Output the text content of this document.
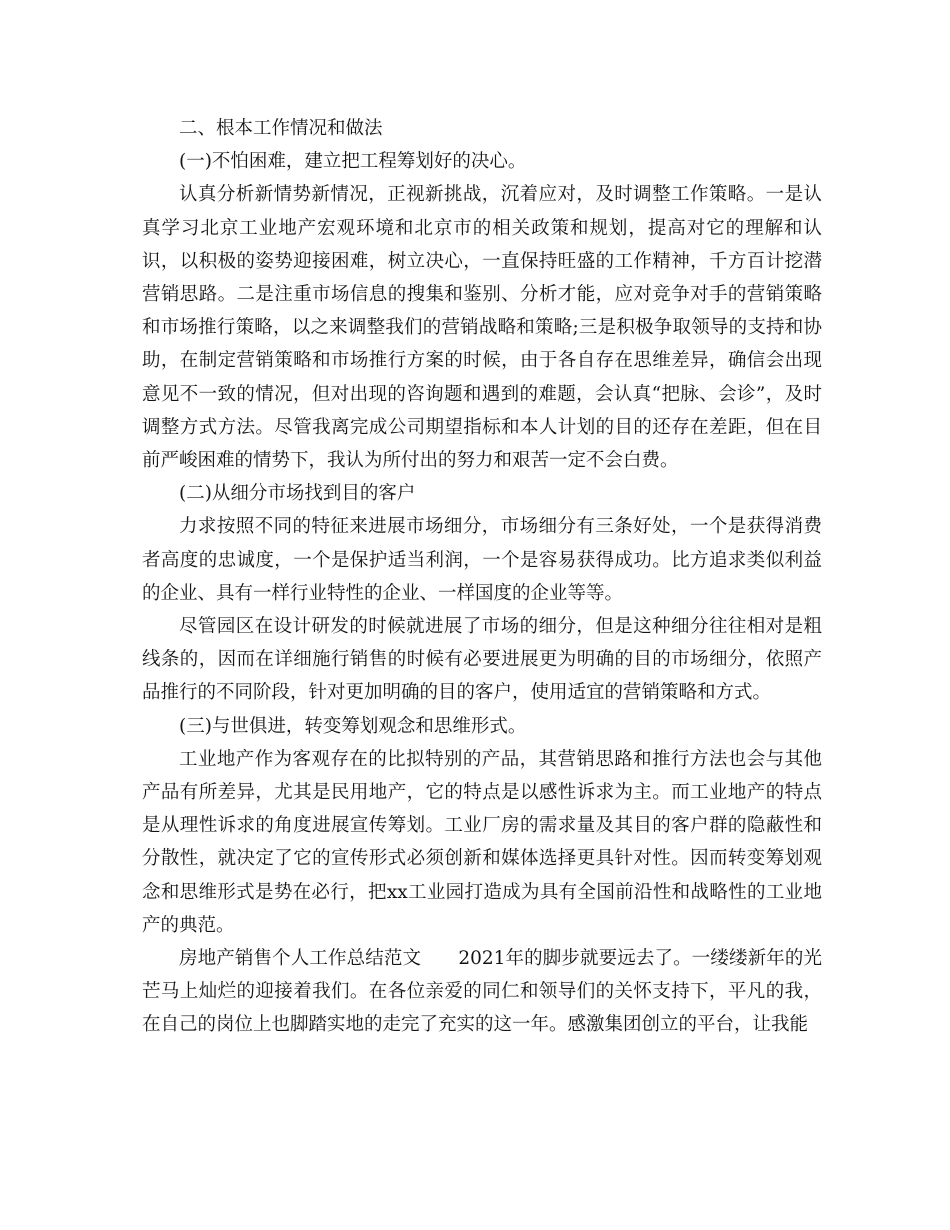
二、根本工作情况和做法

(一)不怕困难，建立把工程筹划好的决心。

认真分析新情势新情况，正视新挑战，沉着应对，及时调整工作策略。一是认真学习北京工业地产宏观环境和北京市的相关政策和规划，提高对它的理解和认识，以积极的姿势迎接困难，树立决心，一直保持旺盛的工作精神，千方百计挖潜营销思路。二是注重市场信息的搜集和鉴别、分析才能，应对竞争对手的营销策略和市场推行策略，以之来调整我们的营销战略和策略;三是积极争取领导的支持和协助，在制定营销策略和市场推行方案的时候，由于各自存在思维差异，确信会出现意见不一致的情况，但对出现的咨询题和遇到的难题，会认真“把脉、会诊”，及时调整方式方法。尽管我离完成公司期望指标和本人计划的目的还存在差距，但在目前严峻困难的情势下，我认为所付出的努力和艰苦一定不会白费。

(二)从细分市场找到目的客户

力求按照不同的特征来进展市场细分，市场细分有三条好处，一个是获得消费者高度的忠诚度，一个是保护适当利润，一个是容易获得成功。比方追求类似利益的企业、具有一样行业特性的企业、一样国度的企业等等。

尽管园区在设计研发的时候就进展了市场的细分，但是这种细分往往相对是粗线条的，因而在详细施行销售的时候有必要进展更为明确的目的市场细分，依照产品推行的不同阶段，针对更加明确的目的客户，使用适宜的营销策略和方式。

(三)与世俱进，转变筹划观念和思维形式。

工业地产作为客观存在的比拟特别的产品，其营销思路和推行方法也会与其他产品有所差异，尤其是民用地产，它的特点是以感性诉求为主。而工业地产的特点是从理性诉求的角度进展宣传筹划。工业厂房的需求量及其目的客户群的隐蔽性和分散性，就决定了它的宣传形式必须创新和媒体选择更具针对性。因而转变筹划观念和思维形式是势在必行，把xx工业园打造成为具有全国前沿性和战略性的工业地产的典范。

房地产销售个人工作总结范文　　2021年的脚步就要远去了。一缕缕新年的光芒马上灿烂的迎接着我们。在各位亲爱的同仁和领导们的关怀支持下，平凡的我，在自己的岗位上也脚踏实地的走完了充实的这一年。感激集团创立的平台，让我能
